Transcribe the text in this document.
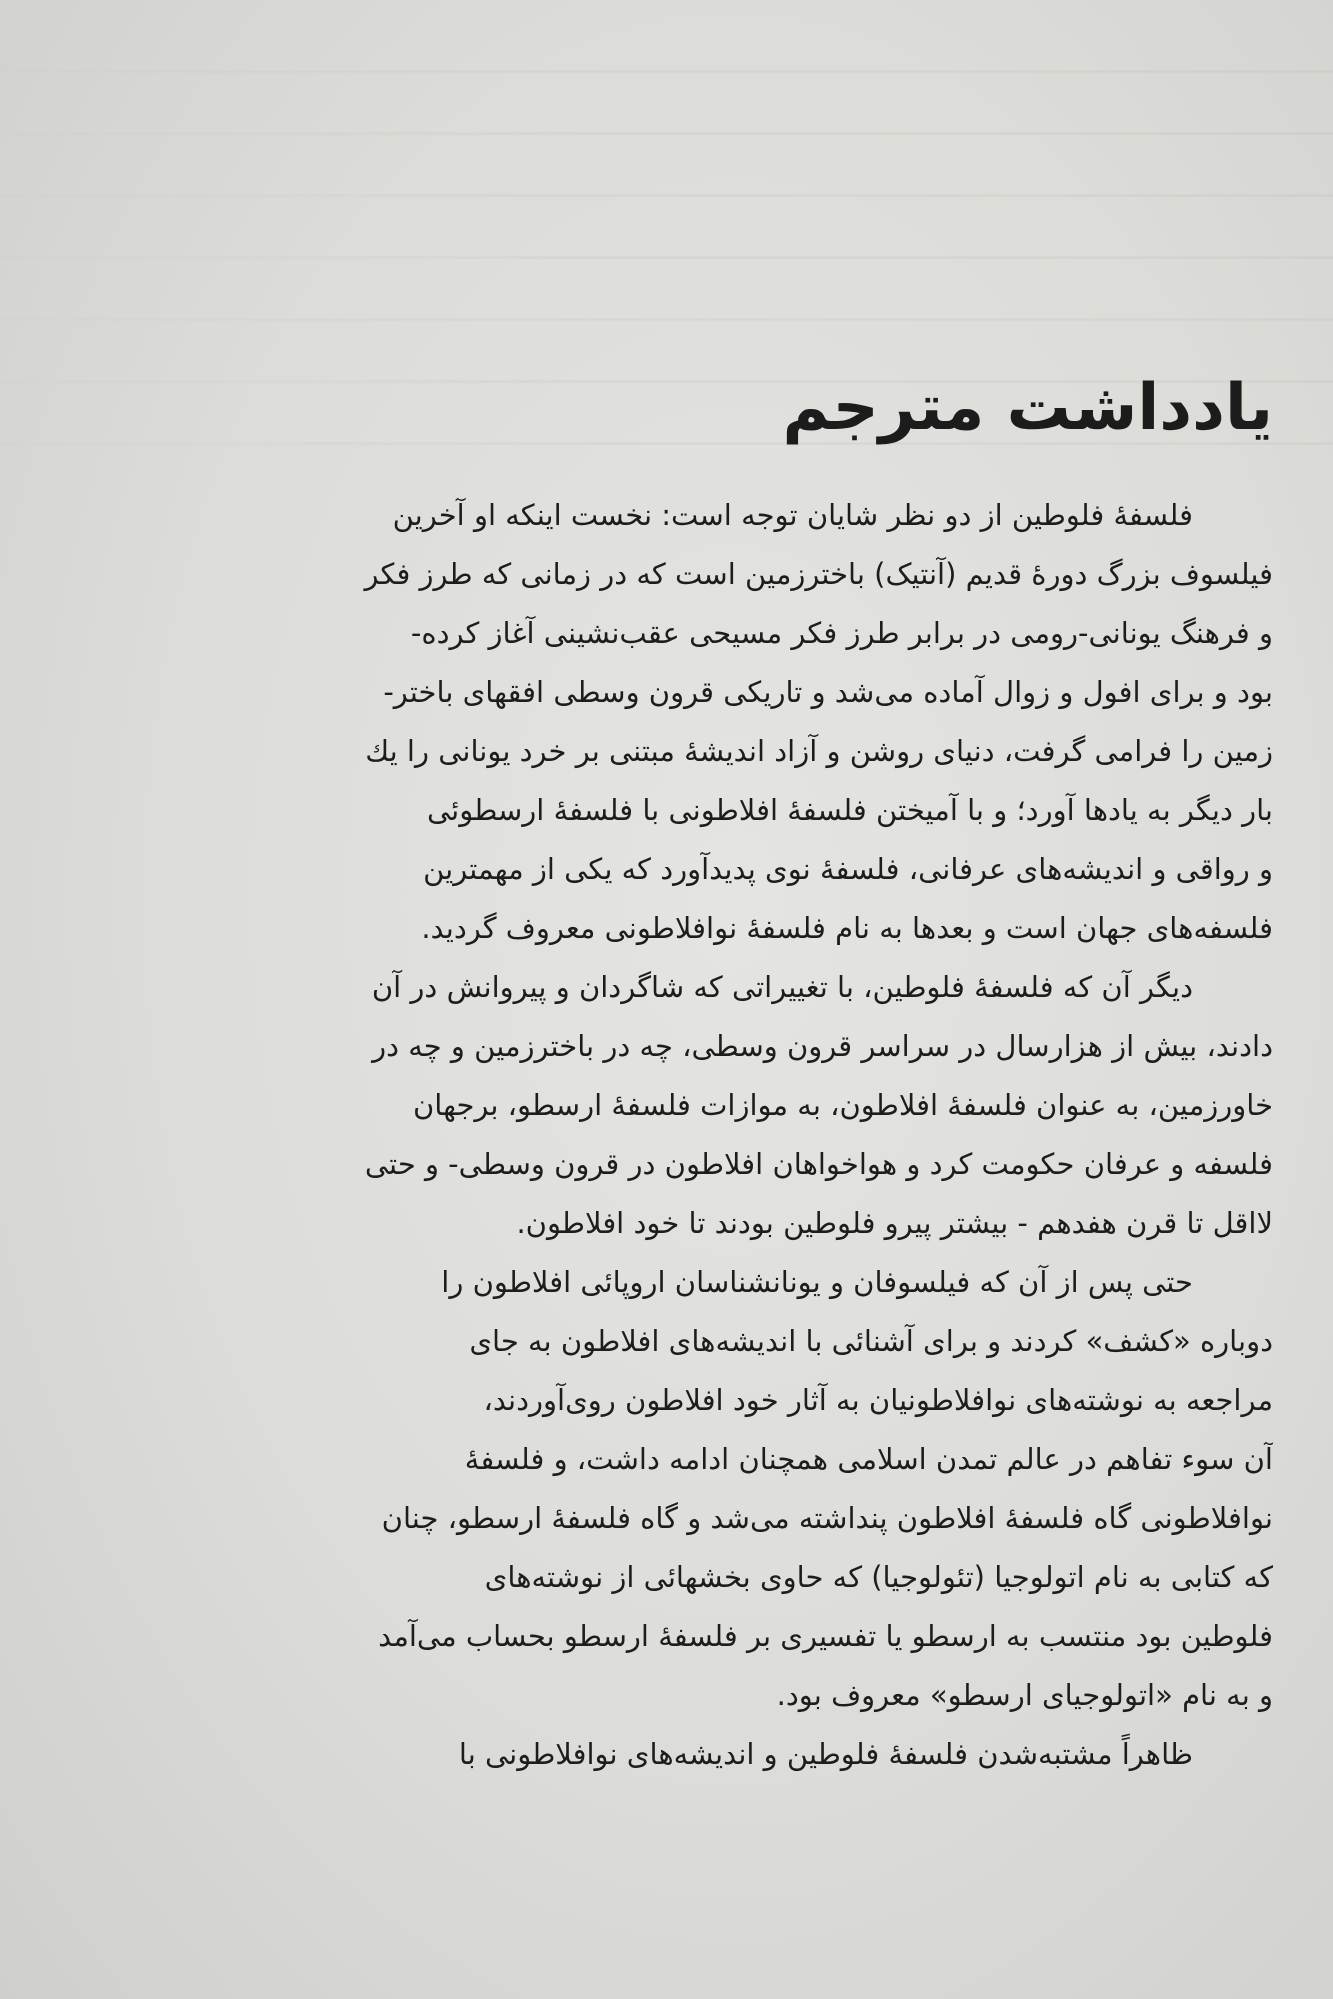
یادداشت مترجم
فلسفهٔ فلوطین از دو نظر شایان توجه است: نخست اینکه او آخرین
فیلسوف بزرگ دورهٔ قدیم (آنتیک) باخترزمین است که در زمانی که طرز فکر
و فرهنگ یونانی-رومی در برابر طرز فکر مسیحی عقب‌نشینی آغاز کرده-
بود و برای افول و زوال آماده می‌شد و تاریکی قرون وسطی افقهای باختر-
زمین را فرامی گرفت، دنیای روشن و آزاد اندیشهٔ مبتنی بر خرد یونانی را یك
بار دیگر به یادها آورد؛ و با آمیختن فلسفهٔ افلاطونی با فلسفهٔ ارسطوئی
و رواقی و اندیشه‌های عرفانی، فلسفهٔ نوی پدیدآورد که یکی از مهمترین
فلسفه‌های جهان است و بعدها به نام فلسفهٔ نوافلاطونی معروف گردید.
دیگر آن که فلسفهٔ فلوطین، با تغییراتی که شاگردان و پیروانش در آن
دادند، بیش از هزارسال در سراسر قرون وسطی، چه در باخترزمین و چه در
خاورزمین، به عنوان فلسفهٔ افلاطون، به موازات فلسفهٔ ارسطو، برجهان
فلسفه و عرفان حکومت کرد و هواخواهان افلاطون در قرون وسطی- و حتی
لااقل تا قرن هفدهم - بیشتر پیرو فلوطین بودند تا خود افلاطون.
حتی پس از آن که فیلسوفان و یونانشناسان اروپائی افلاطون را
دوباره «کشف» کردند و برای آشنائی با اندیشه‌های افلاطون به جای
مراجعه به نوشته‌های نوافلاطونیان به آثار خود افلاطون روی‌آوردند،
آن سوء تفاهم در عالم تمدن اسلامی همچنان ادامه داشت، و فلسفهٔ
نوافلاطونی گاه فلسفهٔ افلاطون پنداشته می‌شد و گاه فلسفهٔ ارسطو، چنان
که کتابی به نام اتولوجیا (تئولوجیا) که حاوی بخشهائی از نوشته‌های
فلوطین بود منتسب به ارسطو یا تفسیری بر فلسفهٔ ارسطو بحساب می‌آمد
و به نام «اتولوجیای ارسطو» معروف بود.
ظاهراً مشتبه‌شدن فلسفهٔ فلوطین و اندیشه‌های نوافلاطونی با
